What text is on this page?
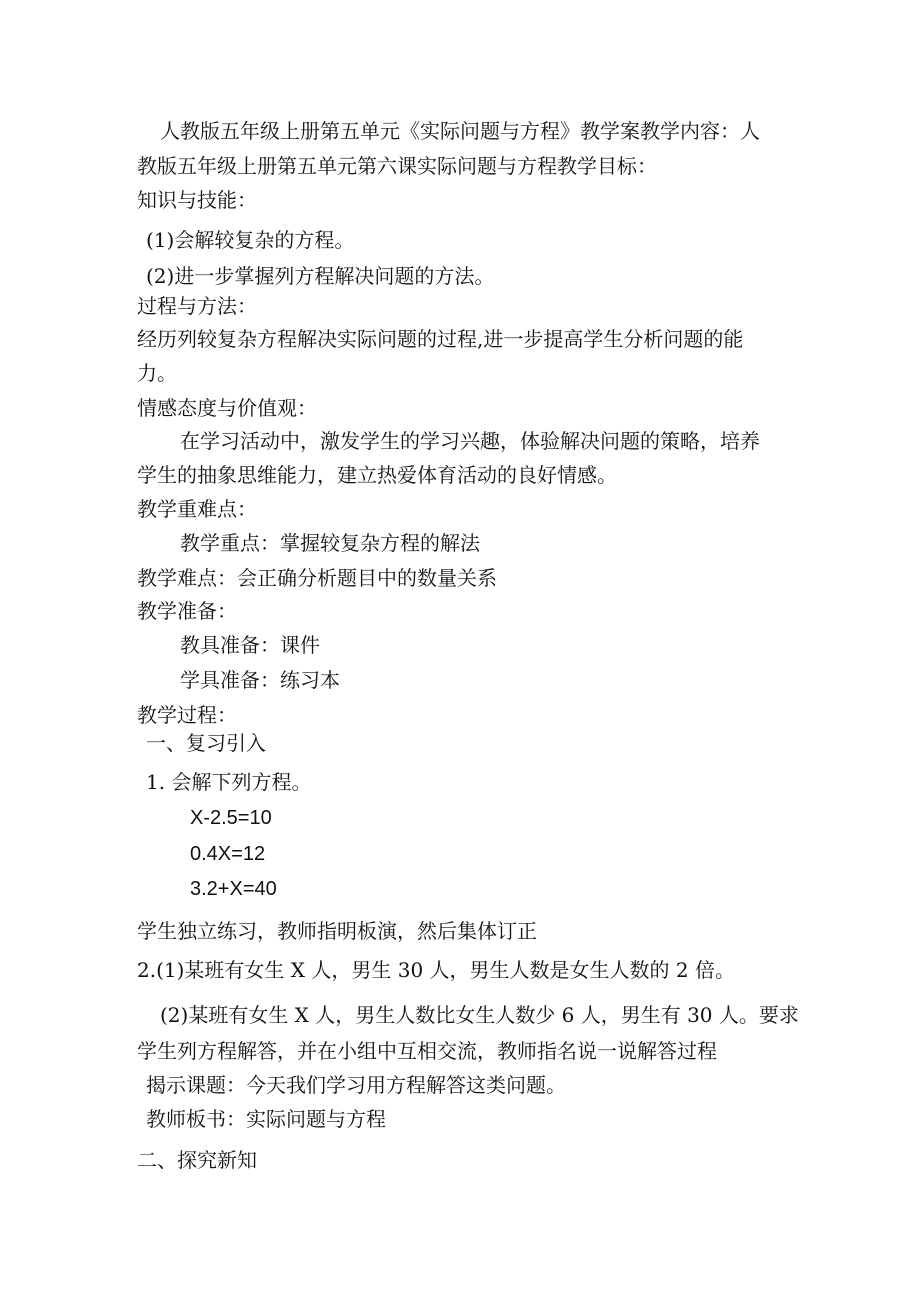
人教版五年级上册第五单元《实际问题与方程》教学案教学内容：人

教版五年级上册第五单元第六课实际问题与方程教学目标：

知识与技能：

(1)会解较复杂的方程。

(2)进一步掌握列方程解决问题的方法。

过程与方法：

经历列较复杂方程解决实际问题的过程,进一步提高学生分析问题的能

力。

情感态度与价值观：

在学习活动中，激发学生的学习兴趣，体验解决问题的策略，培养

学生的抽象思维能力，建立热爱体育活动的良好情感。

教学重难点：

教学重点：掌握较复杂方程的解法

教学难点：会正确分析题目中的数量关系

教学准备：

教具准备：课件

学具准备：练习本

教学过程：

一、复习引入

1. 会解下列方程。

X-2.5=10

0.4X=12

3.2+X=40

学生独立练习，教师指明板演，然后集体订正

2.(1)某班有女生 X 人，男生 30 人，男生人数是女生人数的 2 倍。

(2)某班有女生 X 人，男生人数比女生人数少 6 人，男生有 30 人。要求

学生列方程解答，并在小组中互相交流，教师指名说一说解答过程

揭示课题：今天我们学习用方程解答这类问题。

教师板书：实际问题与方程

二、探究新知
